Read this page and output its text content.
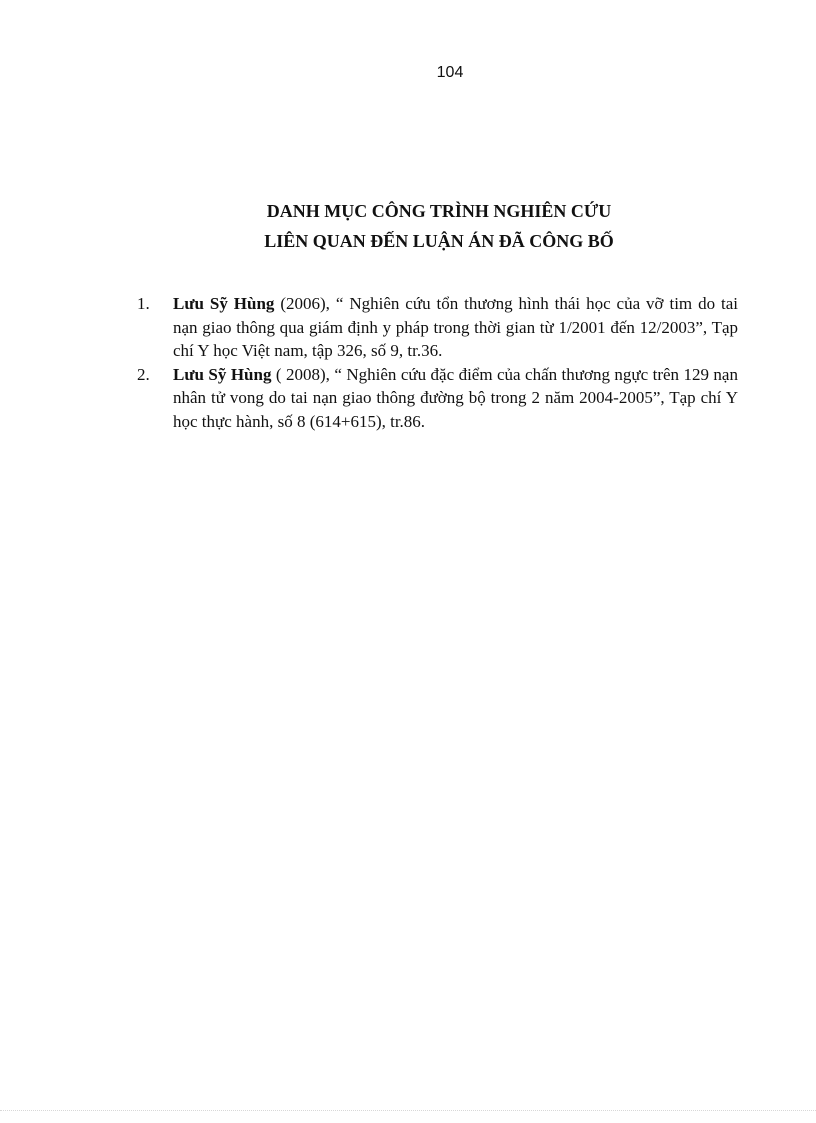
104
DANH MỤC CÔNG TRÌNH NGHIÊN CỨU
LIÊN QUAN ĐẾN LUẬN ÁN ĐÃ CÔNG BỐ
1. Lưu Sỹ Hùng (2006), “ Nghiên cứu tổn thương hình thái học của vỡ tim do tai nạn giao thông qua giám định y pháp trong thời gian từ 1/2001 đến 12/2003”, Tạp chí Y học Việt nam, tập 326, số 9, tr.36.
2. Lưu Sỹ Hùng ( 2008), “ Nghiên cứu đặc điểm của chấn thương ngực trên 129 nạn nhân tử vong do tai nạn giao thông đường bộ trong 2 năm 2004-2005”, Tạp chí Y học thực hành, số 8 (614+615), tr.86.
